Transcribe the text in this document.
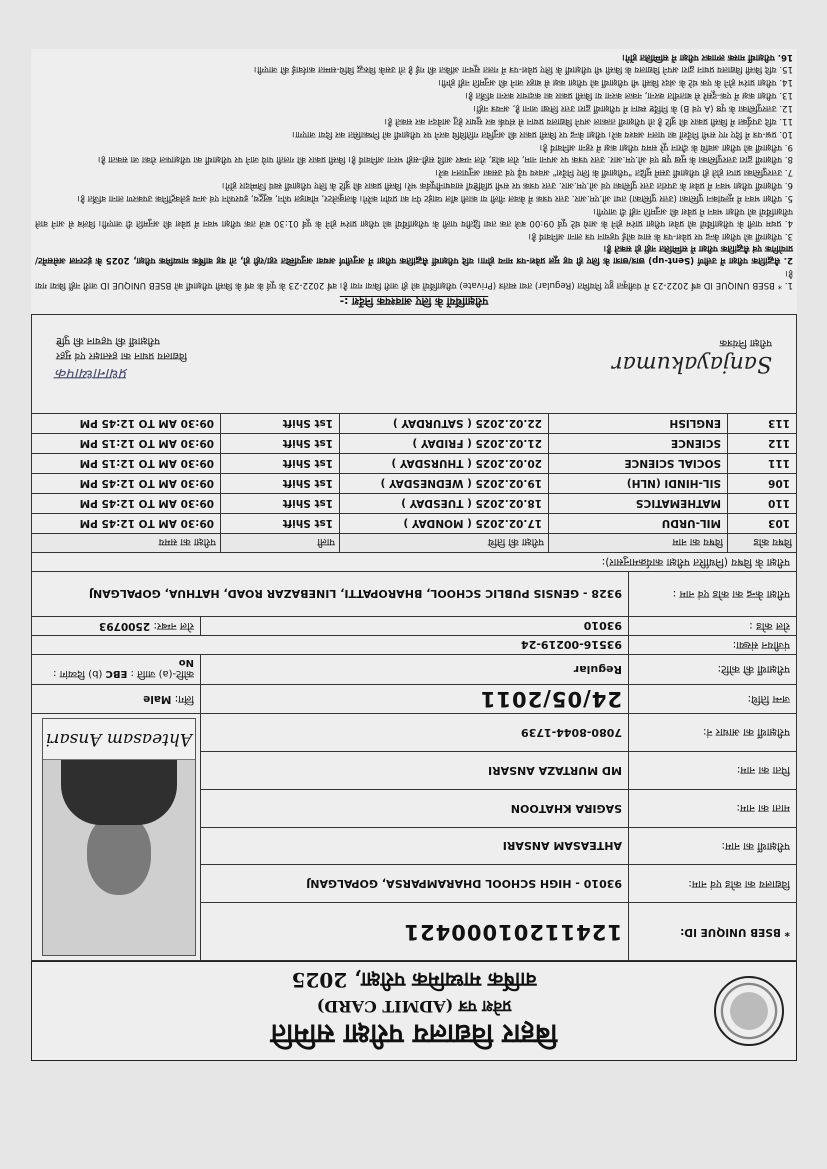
बिहार विद्यालय परीक्षा समिति
प्रवेश पत्र (ADMIT CARD)
वार्षिक माध्यमिक परीक्षा, 2025
* BSEB UNIQUE ID:	12411201000421	Ahteasam Ansari

विद्यालय का कोड एवं नाम:	93010 - HIGH SCHOOL DHARAMPARSA, GOPALGANJ	
परीक्षार्थी का नाम:	AHTEASAM ANSARI	
माता का नाम:	SAGIRA KHATOON	
पिता का नाम:	MD MURTAZA ANSARI	
परीक्षार्थी का आधार नं:	7080-8044-1739	
जन्म तिथि:	24/05/2011	लिंग: Male
परीक्षार्थी की कोटि:	Regular	कोटि-(a) जाति : EBC (b) दिव्यांग : No
पंजीयन संख्या:	93516-00219-24	
रोल कोड :	93010	रोल नम्बर: 2500793
परीक्षा केन्द्र का कोड एवं नाम :	9328 - GENSIS PUBLIC SCHOOL, BHAROPATTI, LINEBAZAR ROAD, HATHUA, GOPALGANJ	
परीक्षा के विषय (निर्धारित परीक्षा कार्यक्रमानुसार):		
विषय कोड	विषय का नाम	परीक्षा की तिथि	पाली	परीक्षा का समय
103	MIL-URDU	17.02.2025 ( MONDAY )	1st Shift	09:30 AM TO 12:45 PM
110	MATHEMATICS	18.02.2025 ( TUESDAY )	1st Shift	09:30 AM TO 12:45 PM
106	SIL-HINDI (NLH)	19.02.2025 ( WEDNESDAY )	1st Shift	09:30 AM TO 12:45 PM
111	SOCIAL SCIENCE	20.02.2025 ( THURSDAY )	1st Shift	09:30 AM TO 12:15 PM
112	SCIENCE	21.02.2025 ( FRIDAY )	1st Shift	09:30 AM TO 12:15 PM
113	ENGLISH	22.02.2025 ( SATURDAY )	1st Shift	09:30 AM TO 12:45 PM
प्रधानाध्यापक
विद्यालय प्रधान का हस्ताक्षर एवं मुहर
परीक्षार्थी की पहचान की पुष्टि
Sanjayakumar
परीक्षा नियंत्रक
परीक्षार्थियों के लिए आवश्यक निर्देश :-

1. * BSEB UNIQUE ID वर्ष 2022-23 में पंजीकृत हुए नियमित (Regular) तथा स्वतंत्र (Private) परीक्षार्थियों को ही जारी किया गया है। वर्ष 2022-23 के पूर्व के वर्ष के किसी परीक्षार्थी को BSEB UNIQUE ID जारी नहीं किया गया है।

2. सैद्धांतिक परीक्षा में उत्तीर्ण (Sent-up) छात्र/छात्रा के लिए ही यह मूल प्रवेश-पत्र मान्य होगा। यदि परीक्षार्थी सैद्धांतिक परीक्षा में अनुत्तीर्ण अथवा अनुपस्थित रहा/रही हो, तो वह वार्षिक माध्यमिक परीक्षा, 2025 के इंटरनल असेसमेंट/प्रायोगिक एवं सैद्धांतिक परीक्षा में सम्मिलित नहीं हो सकते हैं।

3. परीक्षार्थी को परीक्षा केन्द्र पर प्रवेश-पत्र के साथ कोई पहचान पत्र लाना अनिवार्य है।

4. प्रथम पाली के परीक्षार्थियों को प्रवेश परीक्षा प्रारंभ होने के आधे घंटे पूर्व 09:00 बजे तक तथा द्वितीय पाली के परीक्षार्थियों को परीक्षा प्रारंभ होने के पूर्व 01:30 बजे तक परीक्षा भवन में प्रवेश की अनुमति दी जाएगी। विलंब से आने वाले परीक्षार्थियों को परीक्षा भवन में प्रवेश की अनुमति नहीं दी जाएगी।

5. परीक्षा भवन में मूल्यांकन पुस्तिका (उत्तर पुस्तिका) तथा ओ.एम.आर. उत्तर पत्रक में केवल नीली या काली बॉल प्वाइंट पेन का प्रयोग करेंगे। कैलकुलेटर, मोबाइल फोन, ब्लूटूथ, इयरफोन एवं अन्य इलेक्ट्रॉनिक उपकरण लाना वर्जित है।

6. परीक्षार्थी परीक्षा भवन में प्रवेश के उपरांत उत्तर पुस्तिका एवं ओ.एम.आर. उत्तर पत्रक पर सभी प्रविष्टियाँ सावधानीपूर्वक भरें। किसी प्रकार की त्रुटि के लिए परीक्षार्थी स्वयं जिम्मेदार होंगे।

7. उत्तरपुस्तिका प्राप्त होते ही परीक्षार्थी उसमें मुद्रित "परीक्षार्थी के लिए निर्देश" अवश्य पढ़ें एवं उसका अनुपालन करें।

8. परीक्षार्थी द्वारा उत्तरपुस्तिका के मुख पृष्ठ एवं ओ.एम.आर. उत्तर पत्रक पर अपना नाम, रोल कोड, रोल नम्बर आदि सही-सही भरना अनिवार्य है। किसी प्रकार की गलती पाये जाने पर परीक्षार्थी का परीक्षाफल रोका जा सकता है।

9. परीक्षार्थी को परीक्षा अवधि के दौरान पूरे समय परीक्षा कक्ष में रहना अनिवार्य है।

10. प्रश्न-पत्र में दिए गए सभी निर्देशों का पालन अवश्य करें। परीक्षा केन्द्र पर किसी प्रकार की अनुचित गतिविधि करने पर परीक्षार्थी को निष्कासित कर दिया जाएगा।

11. यदि उपर्युक्त में किसी प्रकार की त्रुटि है तो परीक्षार्थी तत्काल अपने विद्यालय प्रधान से संपर्क कर सुधार हेतु आवेदन कर सकते हैं।

12. उत्तरपुस्तिका के पृष्ठ (A एवं B) के निर्दिष्ट स्थान में परीक्षार्थी द्वारा उत्तर लिखा जाना है, अन्यत्र नहीं।

13. परीक्षा कक्ष में एक-दूसरे से बातचीत करना, नकल करना या किसी प्रकार का कदाचार करना वर्जित है।

14. परीक्षा प्रारंभ होने के एक घंटे के अंदर किसी भी परीक्षार्थी को परीक्षा कक्ष से बाहर जाने की अनुमति नहीं होगी।

15. यदि किसी विद्यालय प्रधान द्वारा अपने विद्यालय के किसी भी परीक्षार्थी के लिए प्रवेश-पत्र में गलत सूचना अंकित की गई है तो उसके विरुद्ध विधि-सम्मत कार्रवाई की जाएगी।

16. परीक्षार्थी मास्क लगाकर परीक्षा में सम्मिलित होंगे।
